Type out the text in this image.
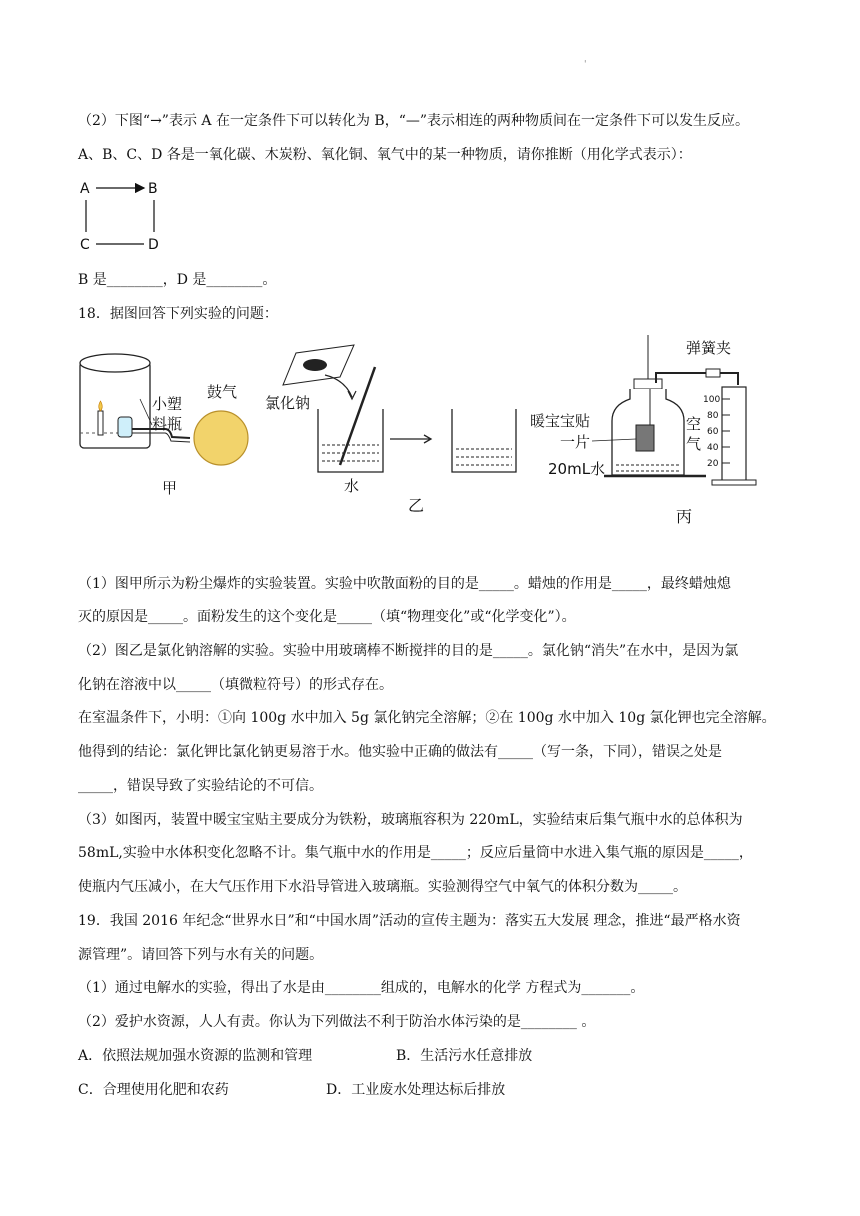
'
（2）下图“→”表示 A 在一定条件下可以转化为 B，“—”表示相连的两种物质间在一定条件下可以发生反应。
A、B、C、D 各是一氧化碳、木炭粉、氧化铜、氧气中的某一种物质，请你推断（用化学式表示）：
A	B
C	D
B 是________，D 是________。
18．据图回答下列实验的问题：
小塑
料瓶
鼓气
甲
氯化钠
水
乙
弹簧夹
100
80
60
40
20
空
气
暖宝宝贴
一片
20mL水
丙
（1）图甲所示为粉尘爆炸的实验装置。实验中吹散面粉的目的是_____。蜡烛的作用是_____，最终蜡烛熄
灭的原因是_____。面粉发生的这个变化是_____（填“物理变化”或“化学变化”）。
（2）图乙是氯化钠溶解的实验。实验中用玻璃棒不断搅拌的目的是_____。氯化钠“消失”在水中，是因为氯
化钠在溶液中以_____（填微粒符号）的形式存在。
在室温条件下，小明：①向 100g 水中加入 5g 氯化钠完全溶解；②在 100g 水中加入 10g 氯化钾也完全溶解。
他得到的结论：氯化钾比氯化钠更易溶于水。他实验中正确的做法有_____（写一条，下同），错误之处是
_____，错误导致了实验结论的不可信。
（3）如图丙，装置中暖宝宝贴主要成分为铁粉，玻璃瓶容积为 220mL，实验结束后集气瓶中水的总体积为
58mL,实验中水体积变化忽略不计。集气瓶中水的作用是_____；反应后量筒中水进入集气瓶的原因是_____，
使瓶内气压减小，在大气压作用下水沿导管进入玻璃瓶。实验测得空气中氧气的体积分数为_____。
19．我国 2016 年纪念“世界水日”和“中国水周”活动的宣传主题为：落实五大发展 理念，推进“最严格水资
源管理”。请回答下列与水有关的问题。
（1）通过电解水的实验，得出了水是由________组成的，电解水的化学 方程式为_______。
（2）爱护水资源，人人有责。你认为下列做法不利于防治水体污染的是________ 。
A．依照法规加强水资源的监测和管理	B．生活污水任意排放
C．合理使用化肥和农药	D．工业废水处理达标后排放
